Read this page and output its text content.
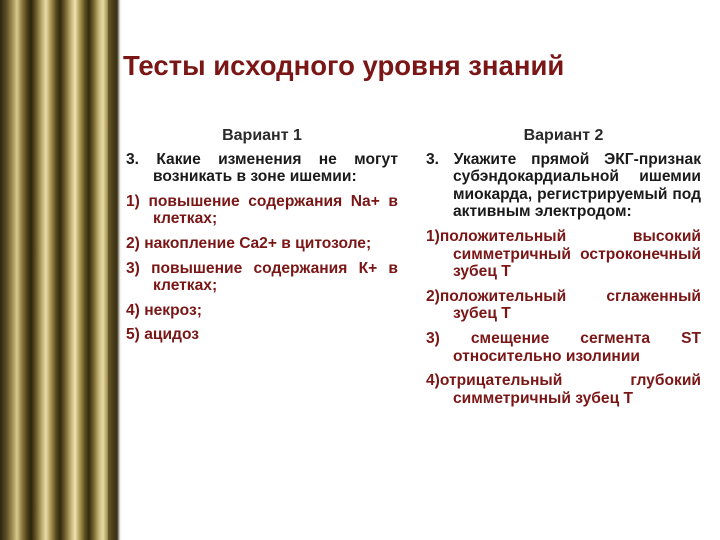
Тесты исходного уровня знаний
Вариант 1
3. Какие изменения не могут возникать в зоне ишемии:
1) повышение содержания Na+ в клетках;
2) накопление Ca2+ в цитозоле;
3) повышение содержания К+ в клетках;
4) некроз;
5) ацидоз
Вариант 2
3. Укажите прямой ЭКГ-признак субэндокардиальной ишемии миокарда, регистрируемый под активным электродом:
1)положительный высокий симметричный остроконечный зубец Т
2)положительный сглаженный зубец Т
3) смещение сегмента ST относительно изолинии
4)отрицательный глубокий симметричный зубец Т
